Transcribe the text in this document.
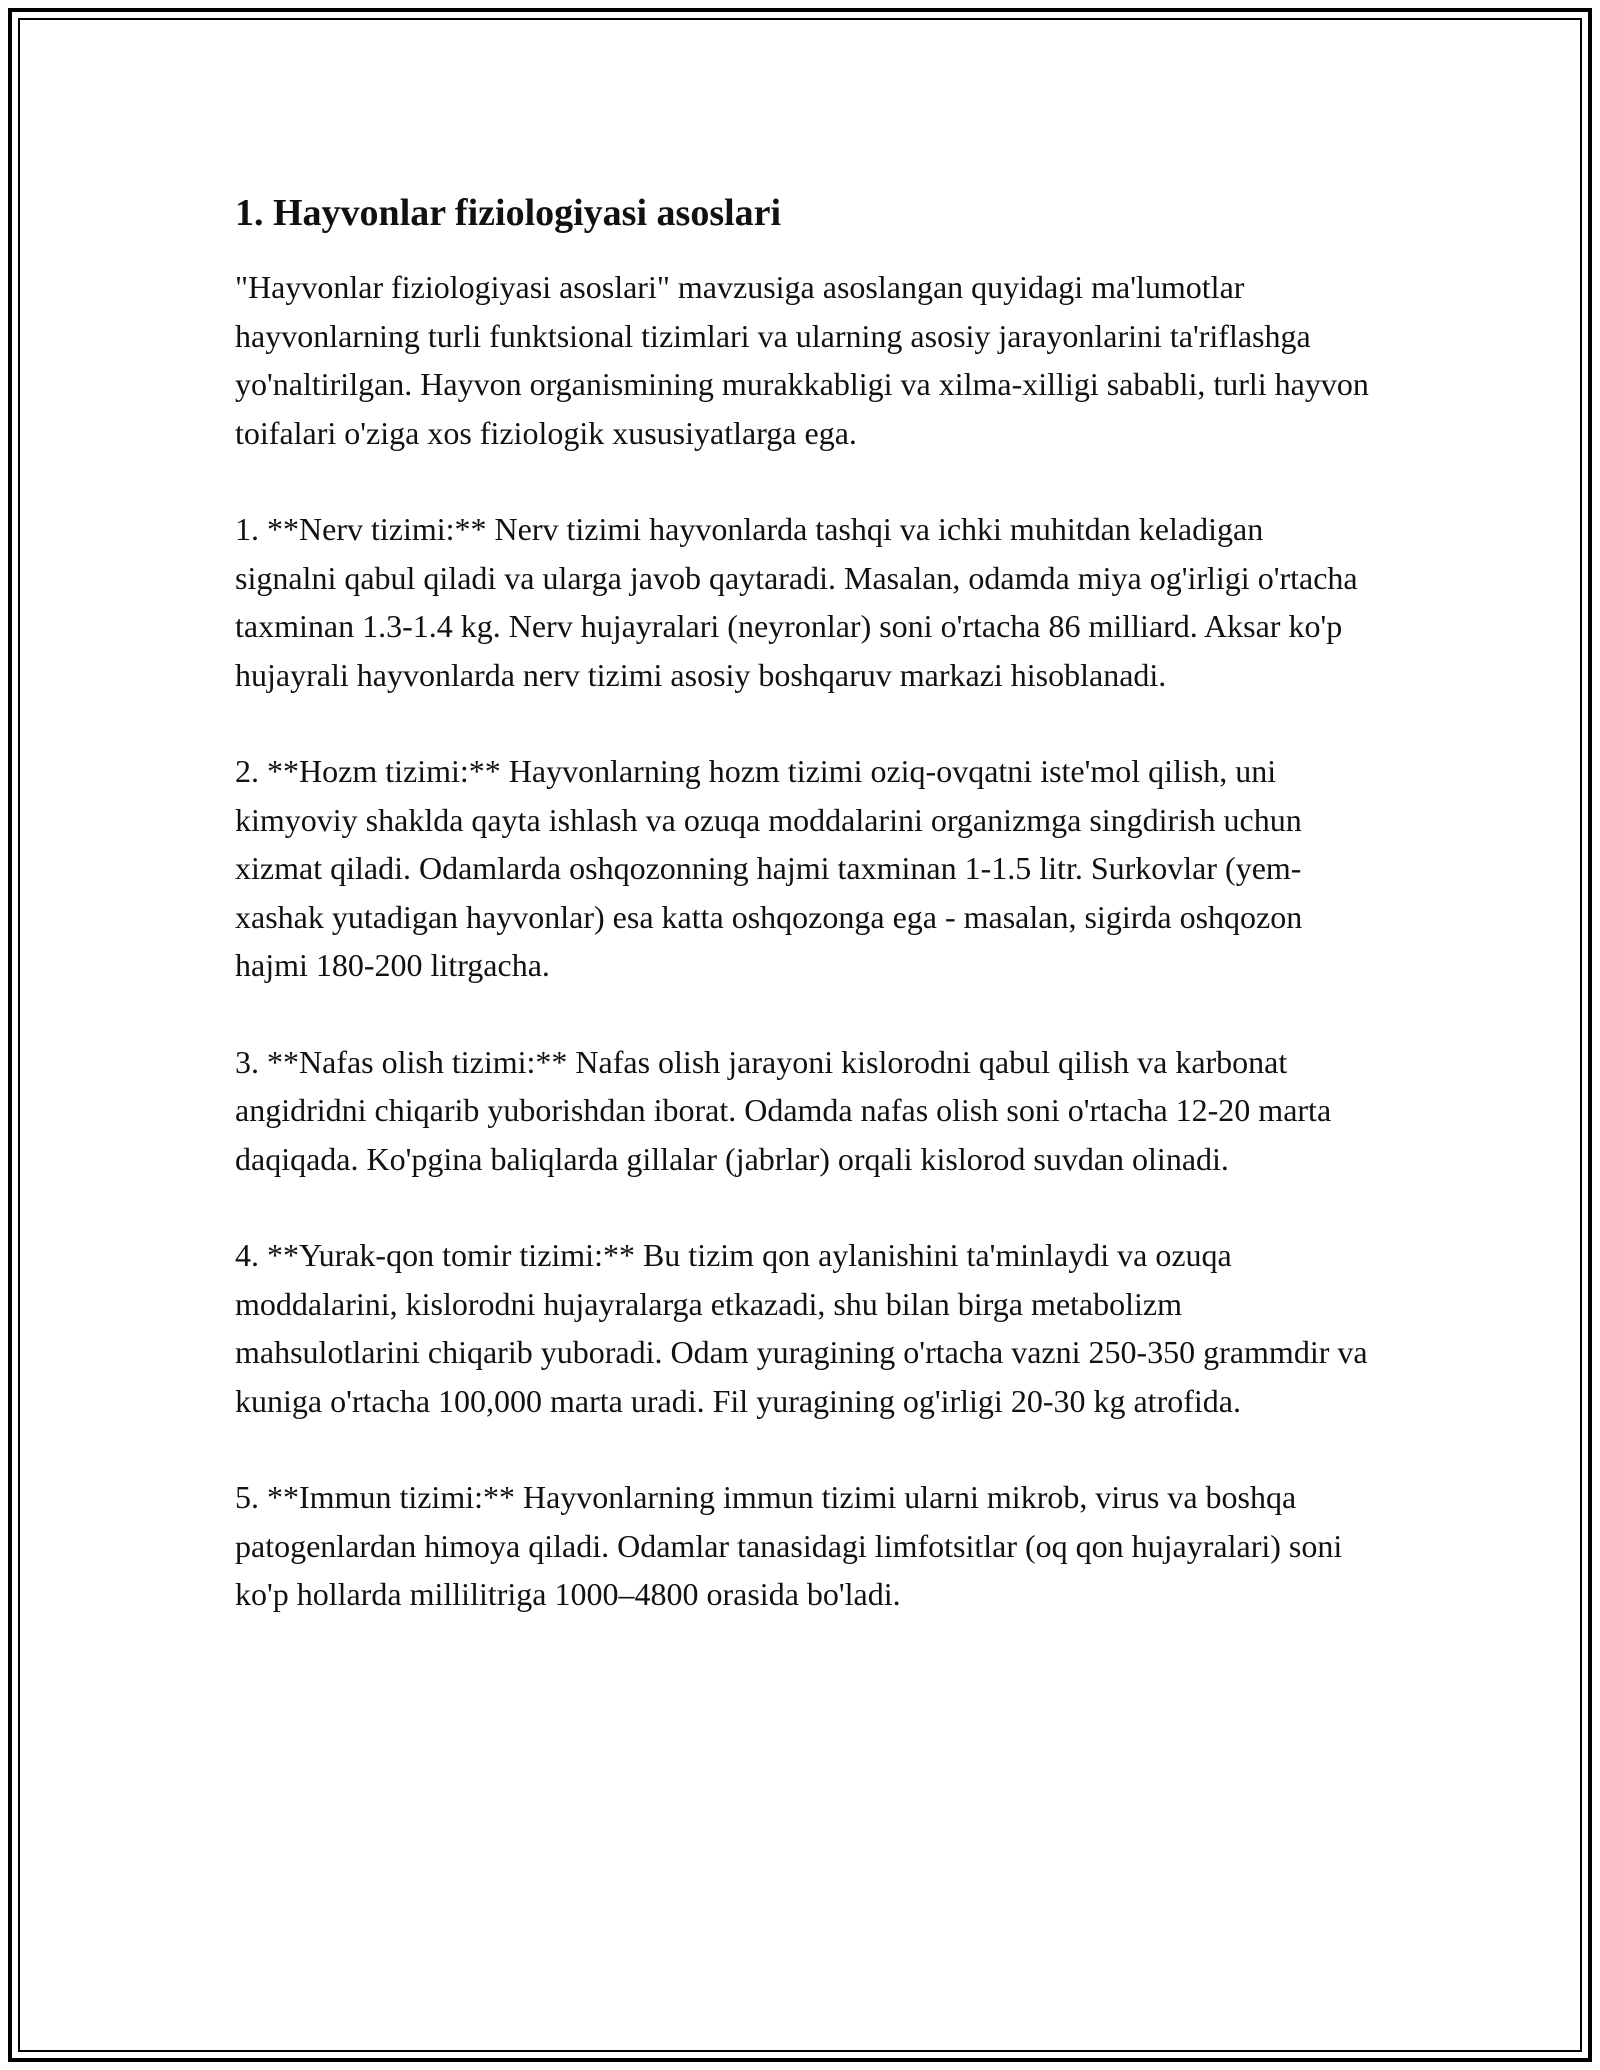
1. Hayvonlar fiziologiyasi asoslari

"Hayvonlar fiziologiyasi asoslari" mavzusiga asoslangan quyidagi ma'lumotlar hayvonlarning turli funktsional tizimlari va ularning asosiy jarayonlarini ta'riflashga yo'naltirilgan. Hayvon organismining murakkabligi va xilma-xilligi sababli, turli hayvon toifalari o'ziga xos fiziologik xususiyatlarga ega.

1. **Nerv tizimi:** Nerv tizimi hayvonlarda tashqi va ichki muhitdan keladigan signalni qabul qiladi va ularga javob qaytaradi. Masalan, odamda miya og'irligi o'rtacha taxminan 1.3-1.4 kg. Nerv hujayralari (neyronlar) soni o'rtacha 86 milliard. Aksar ko'p hujayrali hayvonlarda nerv tizimi asosiy boshqaruv markazi hisoblanadi.

2. **Hozm tizimi:** Hayvonlarning hozm tizimi oziq-ovqatni iste'mol qilish, uni kimyoviy shaklda qayta ishlash va ozuqa moddalarini organizmga singdirish uchun xizmat qiladi. Odamlarda oshqozonning hajmi taxminan 1-1.5 litr. Surkovlar (yem-xashak yutadigan hayvonlar) esa katta oshqozonga ega - masalan, sigirda oshqozon hajmi 180-200 litrgacha.

3. **Nafas olish tizimi:** Nafas olish jarayoni kislorodni qabul qilish va karbonat angidridni chiqarib yuborishdan iborat. Odamda nafas olish soni o'rtacha 12-20 marta daqiqada. Ko'pgina baliqlarda gillalar (jabrlar) orqali kislorod suvdan olinadi.

4. **Yurak-qon tomir tizimi:** Bu tizim qon aylanishini ta'minlaydi va ozuqa moddalarini, kislorodni hujayralarga etkazadi, shu bilan birga metabolizm mahsulotlarini chiqarib yuboradi. Odam yuragining o'rtacha vazni 250-350 grammdir va kuniga o'rtacha 100,000 marta uradi. Fil yuragining og'irligi 20-30 kg atrofida.

5. **Immun tizimi:** Hayvonlarning immun tizimi ularni mikrob, virus va boshqa patogenlardan himoya qiladi. Odamlar tanasidagi limfotsitlar (oq qon hujayralari) soni ko'p hollarda millilitriga 1000–4800 orasida bo'ladi.
